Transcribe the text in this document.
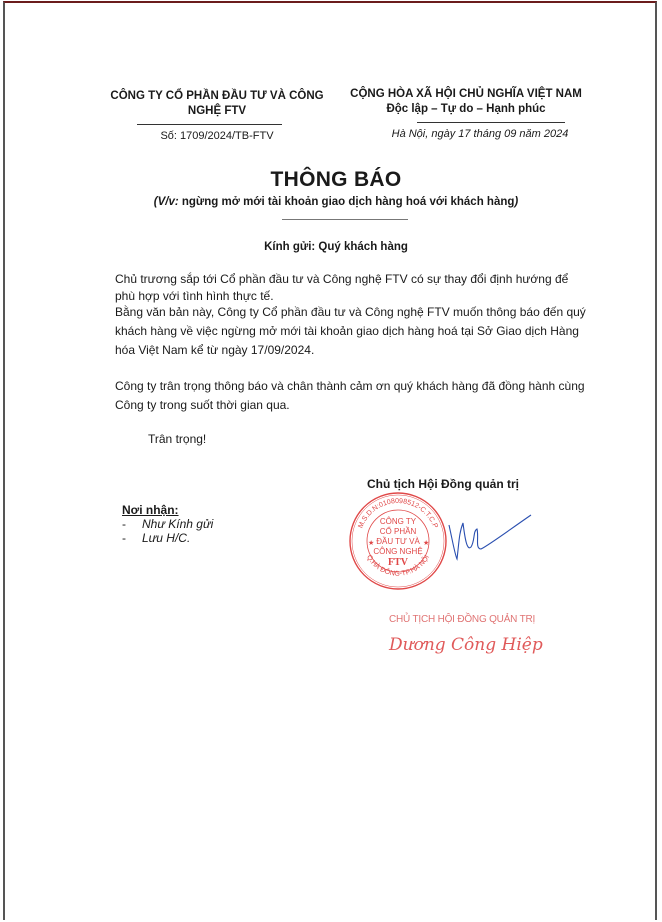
CÔNG TY CỔ PHẦN ĐẦU TƯ VÀ CÔNG NGHỆ FTV
Số: 1709/2024/TB-FTV
CỘNG HÒA XÃ HỘI CHỦ NGHĨA VIỆT NAM
Độc lập – Tự do – Hạnh phúc
Hà Nội, ngày 17 tháng 09 năm 2024
THÔNG BÁO
(V/v: ngừng mở mới tài khoản giao dịch hàng hoá với khách hàng)
Kính gửi: Quý khách hàng
Chủ trương sắp tới Cổ phần đầu tư và Công nghệ FTV có sự thay đổi định hướng để
phù hợp với tình hình thực tế.
Bằng văn bản này, Công ty Cổ phần đầu tư và Công nghệ FTV muốn thông báo đến quý khách hàng về việc ngừng mở mới tài khoản giao dịch hàng hoá tại Sở Giao dịch Hàng hóa Việt Nam kể từ ngày 17/09/2024.
Công ty trân trọng thông báo và chân thành cảm ơn quý khách hàng đã đồng hành cùng Công ty trong suốt thời gian qua.
Trân trọng!
Nơi nhận:
- Như Kính gửi
- Lưu H/C.
M.S.D.N:0108098512-C.T.C.P
Q.HÀ ĐÔNG-TP.HÀ NỘI
★	★
CÔNG TY
CỔ PHẦN
ĐẦU TƯ VÀ
CÔNG NGHỆ
FTV
Chủ tịch Hội Đồng quản trị
CHỦ TỊCH HỘI ĐỒNG QUẢN TRỊ
Dương Công Hiệp
